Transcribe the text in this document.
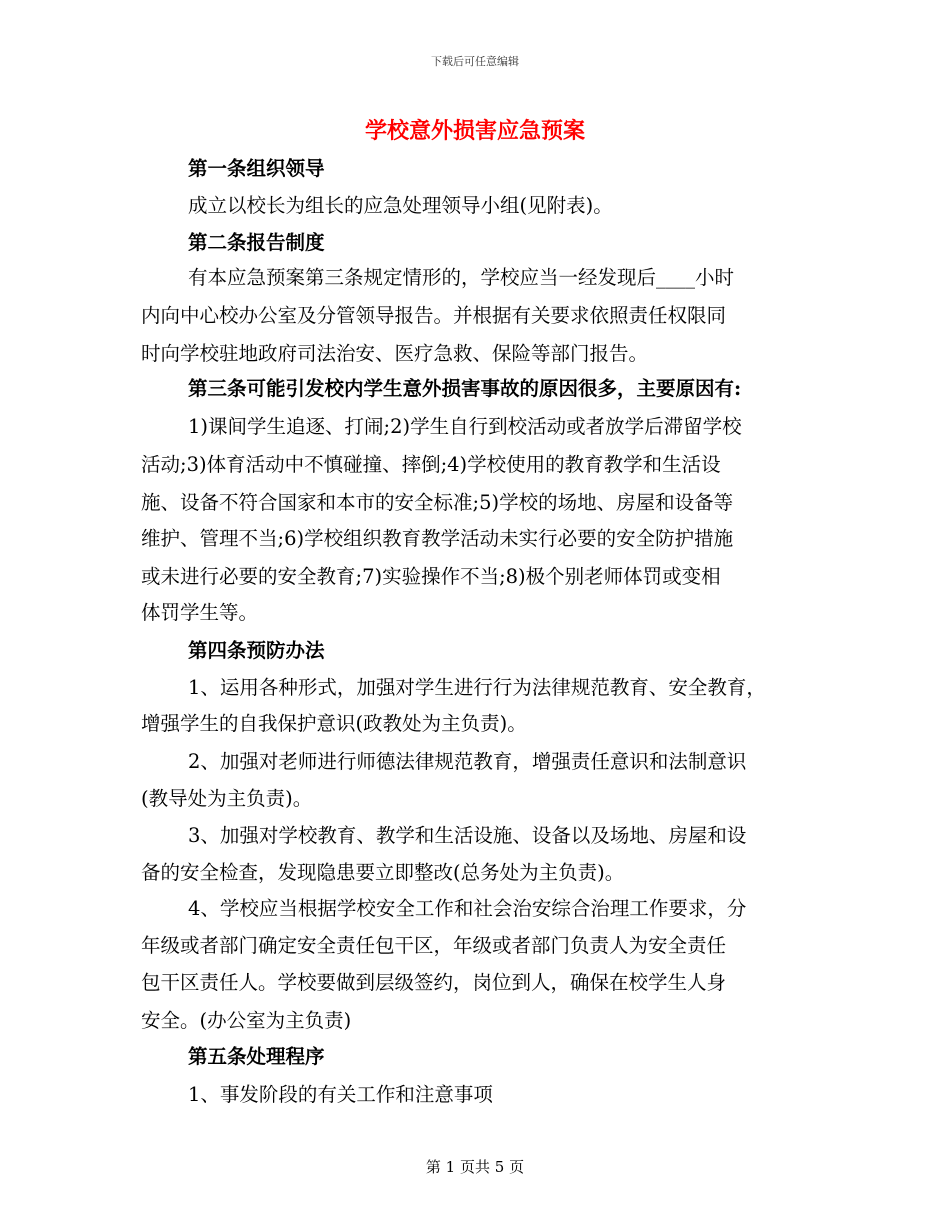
下载后可任意编辑
学校意外损害应急预案
第一条组织领导
成立以校长为组长的应急处理领导小组(见附表)。
第二条报告制度
有本应急预案第三条规定情形的，学校应当一经发现后____小时
内向中心校办公室及分管领导报告。并根据有关要求依照责任权限同
时向学校驻地政府司法治安、医疗急救、保险等部门报告。
第三条可能引发校内学生意外损害事故的原因很多，主要原因有:
1)课间学生追逐、打闹;2)学生自行到校活动或者放学后滞留学校
活动;3)体育活动中不慎碰撞、摔倒;4)学校使用的教育教学和生活设
施、设备不符合国家和本市的安全标准;5)学校的场地、房屋和设备等
维护、管理不当;6)学校组织教育教学活动未实行必要的安全防护措施
或未进行必要的安全教育;7)实验操作不当;8)极个别老师体罚或变相
体罚学生等。
第四条预防办法
1、运用各种形式，加强对学生进行行为法律规范教育、安全教育，
增强学生的自我保护意识(政教处为主负责)。
2、加强对老师进行师德法律规范教育，增强责任意识和法制意识
(教导处为主负责)。
3、加强对学校教育、教学和生活设施、设备以及场地、房屋和设
备的安全检查，发现隐患要立即整改(总务处为主负责)。
4、学校应当根据学校安全工作和社会治安综合治理工作要求，分
年级或者部门确定安全责任包干区，年级或者部门负责人为安全责任
包干区责任人。学校要做到层级签约，岗位到人，确保在校学生人身
安全。(办公室为主负责)
第五条处理程序
1、事发阶段的有关工作和注意事项
第 1 页共 5 页
